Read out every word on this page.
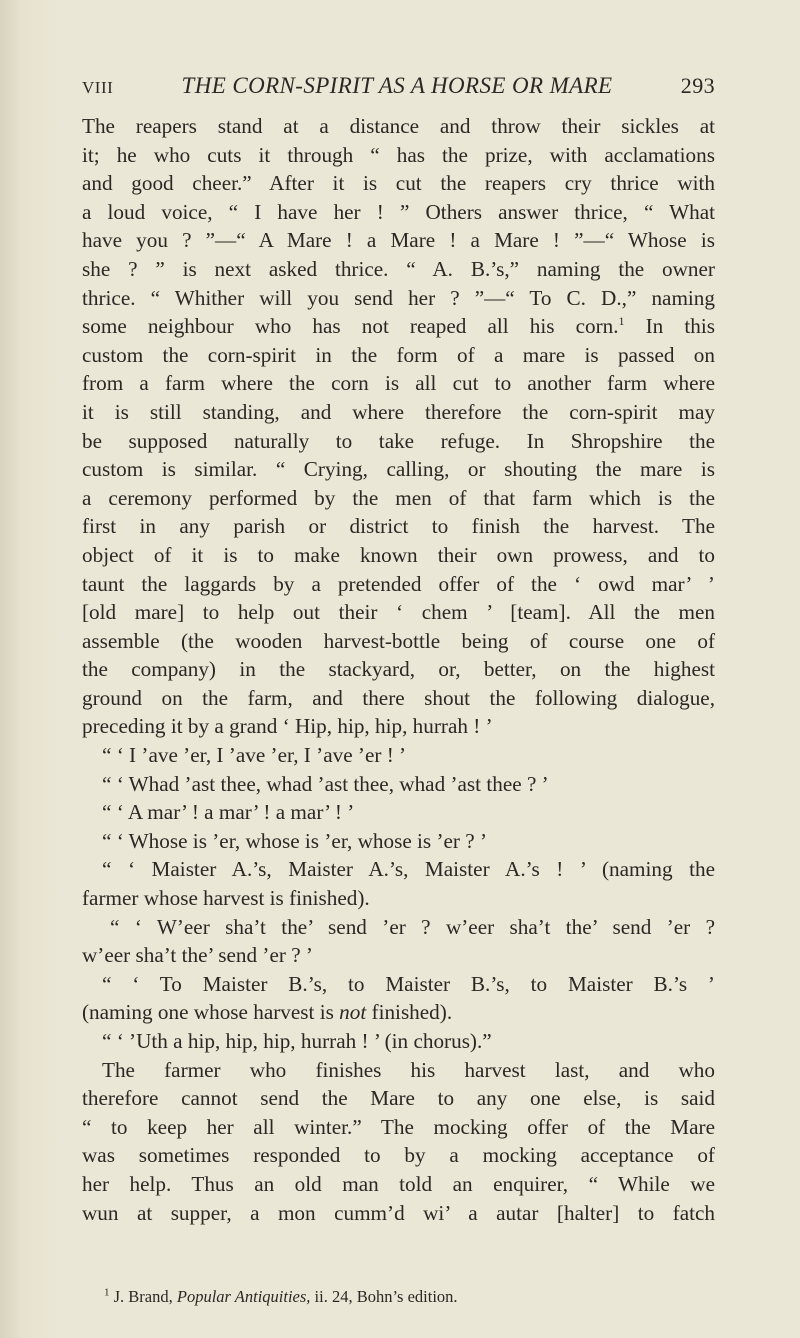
VIII	THE CORN-SPIRIT AS A HORSE OR MARE	293
The reapers stand at a distance and throw their sickles at
it; he who cuts it through “ has the prize, with acclamations
and good cheer.” After it is cut the reapers cry thrice with
a loud voice, “ I have her ! ” Others answer thrice, “ What
have you ? ”—“ A Mare ! a Mare ! a Mare ! ”—“ Whose is
she ? ” is next asked thrice. “ A. B.’s,” naming the owner
thrice. “ Whither will you send her ? ”—“ To C. D.,” naming
some neighbour who has not reaped all his corn.$^1$ In this
custom the corn-spirit in the form of a mare is passed on
from a farm where the corn is all cut to another farm where
it is still standing, and where therefore the corn-spirit may
be supposed naturally to take refuge. In Shropshire the
custom is similar. “ Crying, calling, or shouting the mare is
a ceremony performed by the men of that farm which is the
first in any parish or district to finish the harvest. The
object of it is to make known their own prowess, and to
taunt the laggards by a pretended offer of the ‘ owd mar’ ’
[old mare] to help out their ‘ chem ’ [team]. All the men
assemble (the wooden harvest-bottle being of course one of
the company) in the stackyard, or, better, on the highest
ground on the farm, and there shout the following dialogue,
preceding it by a grand ‘ Hip, hip, hip, hurrah ! ’
“ ‘ I ’ave ’er, I ’ave ’er, I ’ave ’er ! ’
“ ‘ Whad ’ast thee, whad ’ast thee, whad ’ast thee ? ’
“ ‘ A mar’ ! a mar’ ! a mar’ ! ’
“ ‘ Whose is ’er, whose is ’er, whose is ’er ? ’
“ ‘ Maister A.’s, Maister A.’s, Maister A.’s ! ’ (naming the
farmer whose harvest is finished).
“ ‘ W’eer sha’t the’ send ’er ? w’eer sha’t the’ send ’er ?
w’eer sha’t the’ send ’er ? ’
“ ‘ To Maister B.’s, to Maister B.’s, to Maister B.’s ’
(naming one whose harvest is not finished).
“ ‘ ’Uth a hip, hip, hip, hurrah ! ’ (in chorus).”
The farmer who finishes his harvest last, and who
therefore cannot send the Mare to any one else, is said
“ to keep her all winter.” The mocking offer of the Mare
was sometimes responded to by a mocking acceptance of
her help. Thus an old man told an enquirer, “ While we
wun at supper, a mon cumm’d wi’ a autar [halter] to fatch
$^1$ J. Brand, Popular Antiquities, ii. 24, Bohn’s edition.
